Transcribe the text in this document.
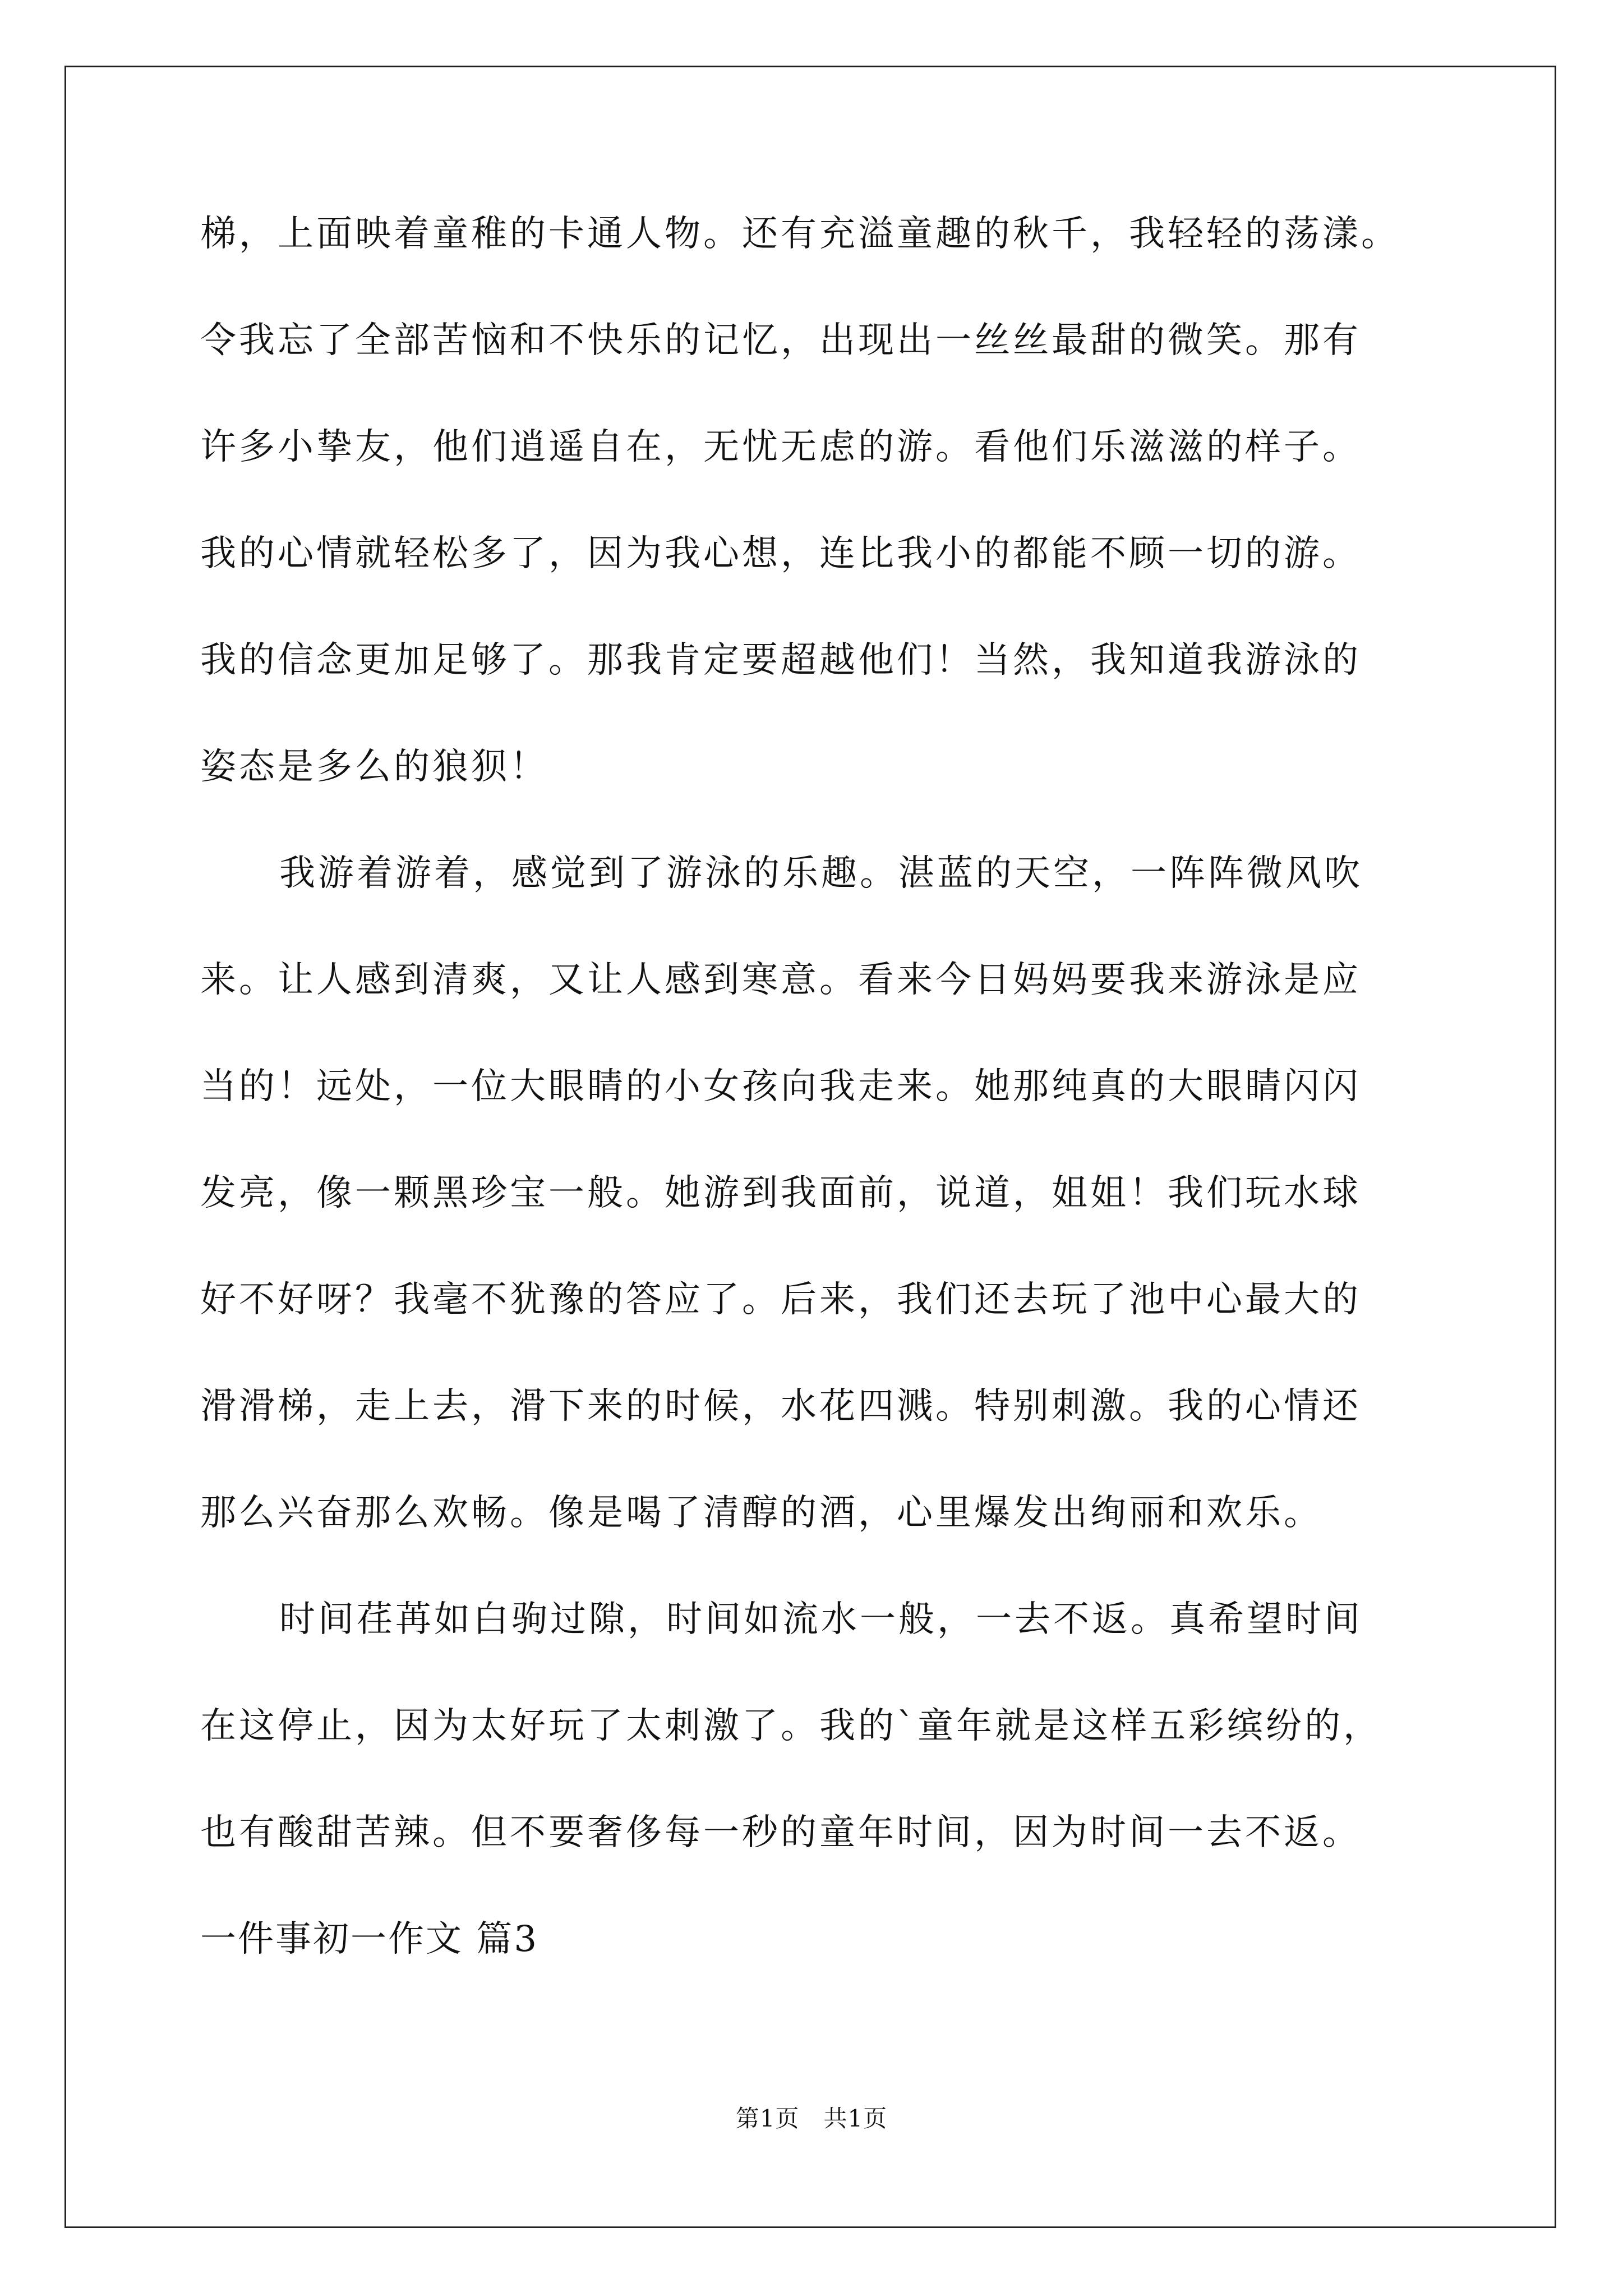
梯，上面映着童稚的卡通人物。还有充溢童趣的秋千，我轻轻的荡漾。
令我忘了全部苦恼和不快乐的记忆，出现出一丝丝最甜的微笑。那有
许多小挚友，他们逍遥自在，无忧无虑的游。看他们乐滋滋的样子。
我的心情就轻松多了，因为我心想，连比我小的都能不顾一切的游。
我的信念更加足够了。那我肯定要超越他们！当然，我知道我游泳的
姿态是多么的狼狈！
我游着游着，感觉到了游泳的乐趣。湛蓝的天空，一阵阵微风吹
来。让人感到清爽，又让人感到寒意。看来今日妈妈要我来游泳是应
当的！远处，一位大眼睛的小女孩向我走来。她那纯真的大眼睛闪闪
发亮，像一颗黑珍宝一般。她游到我面前，说道，姐姐！我们玩水球
好不好呀？我毫不犹豫的答应了。后来，我们还去玩了池中心最大的
滑滑梯，走上去，滑下来的时候，水花四溅。特别刺激。我的心情还
那么兴奋那么欢畅。像是喝了清醇的酒，心里爆发出绚丽和欢乐。
时间荏苒如白驹过隙，时间如流水一般，一去不返。真希望时间
在这停止，因为太好玩了太刺激了。我的`童年就是这样五彩缤纷的，
也有酸甜苦辣。但不要奢侈每一秒的童年时间，因为时间一去不返。
一件事初一作文 篇3
第1页   共1页
